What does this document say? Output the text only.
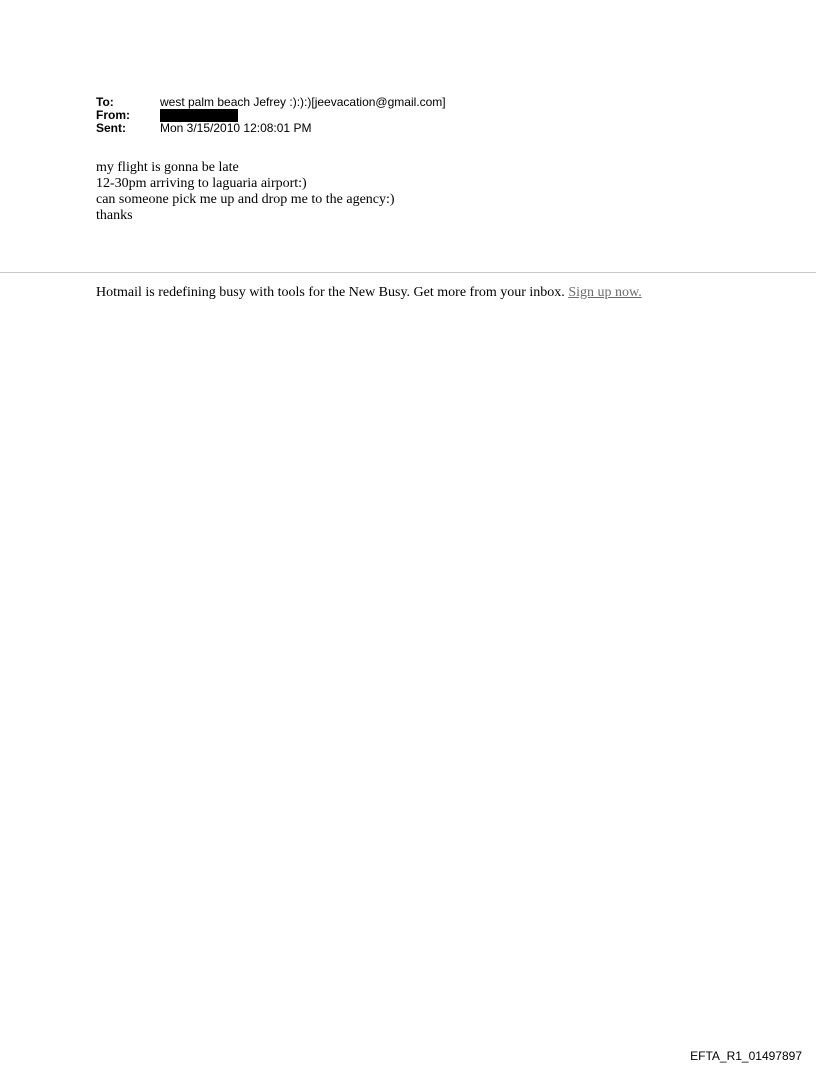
To:	west palm beach Jefrey :):):)[jeevacation@gmail.com]
From:
Sent:	Mon 3/15/2010 12:08:01 PM
my flight is gonna be late
12-30pm arriving to laguaria airport:)
can someone pick me up and drop me to the agency:)
thanks
Hotmail is redefining busy with tools for the New Busy. Get more from your inbox. Sign up now.
EFTA_R1_01497897
